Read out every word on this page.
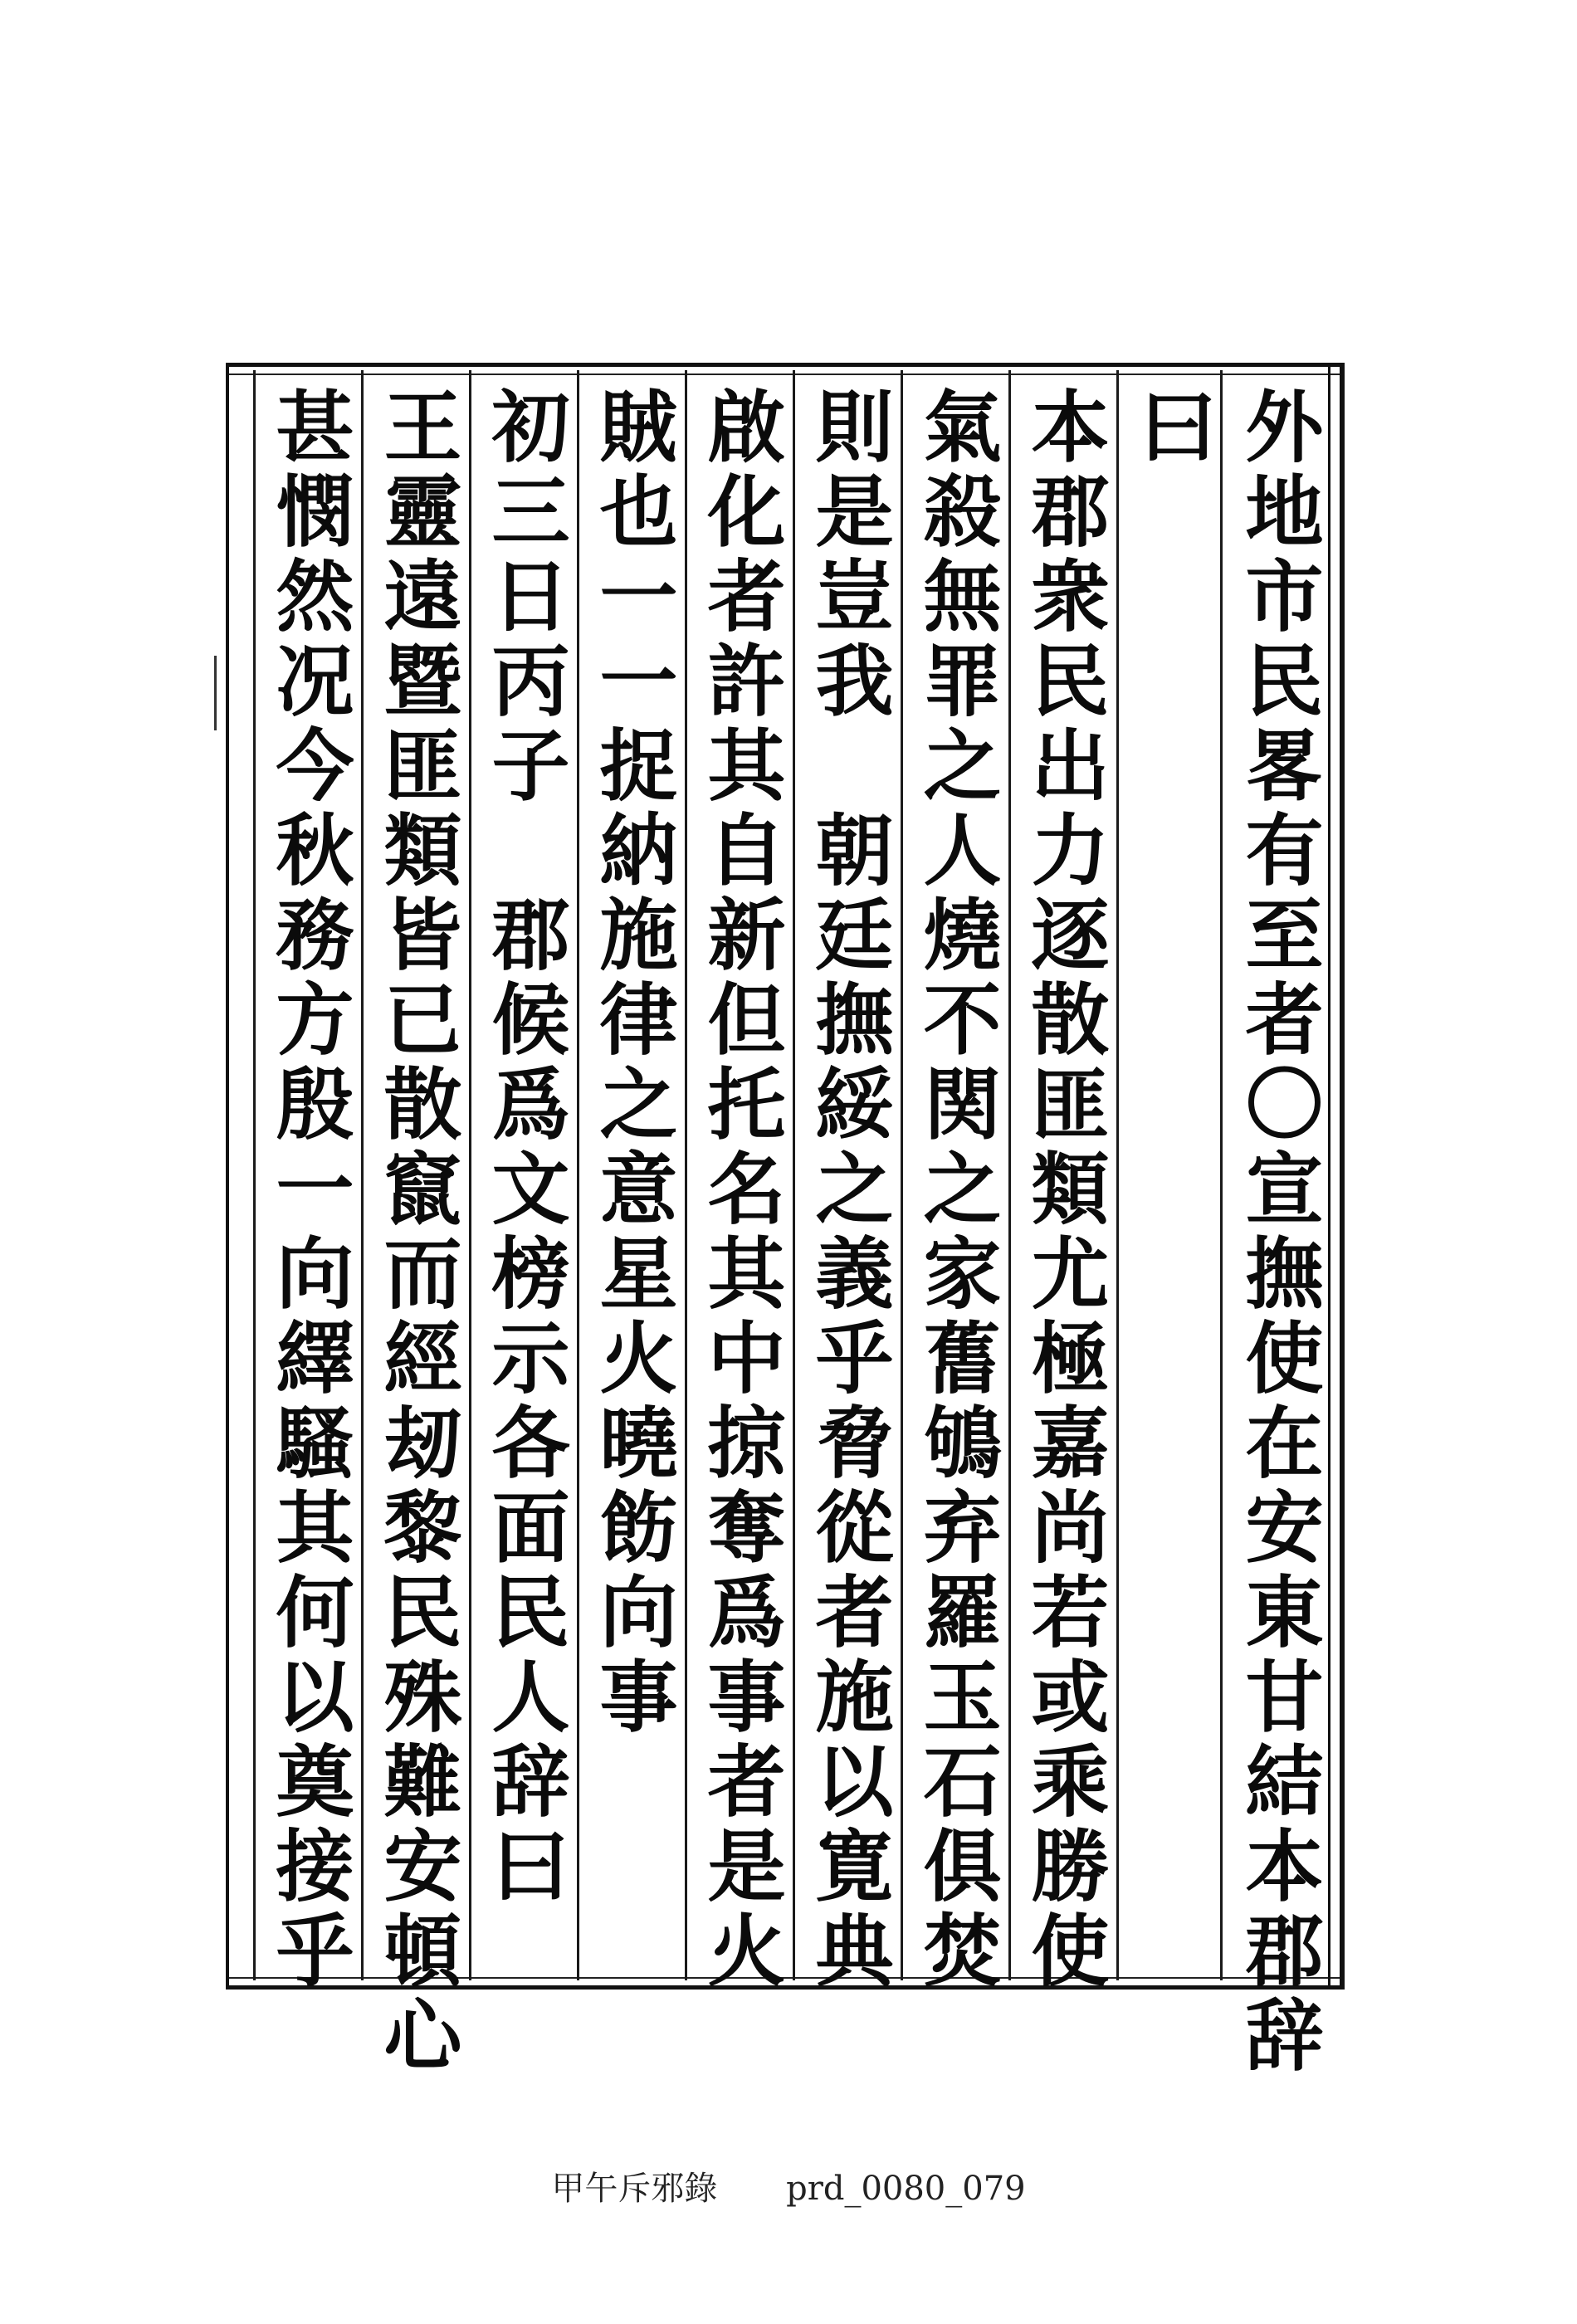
外地市民畧有至者〇宣撫使在安東甘結本郡辞
曰
本郡衆民出力逐散匪類尤極嘉尚若或乘勝使
氣殺無罪之人燒不関之家𦾔鴝弃羅玉石俱焚
則是豈我　朝廷撫綏之義乎脅從者施以寛典
啟化者許其自新但托名其中掠奪爲事者是火
賊也一一捉納施律之意星火曉飭向事
初三日丙子　郡候爲文榜示各面民人辞曰
王靈遠暨匪類皆已散竄而經刼黎民殊難安頓心
甚憫然况今秋務方殷一向繹騷其何以奠接乎
甲午斥邪錄 prd_0080_079
